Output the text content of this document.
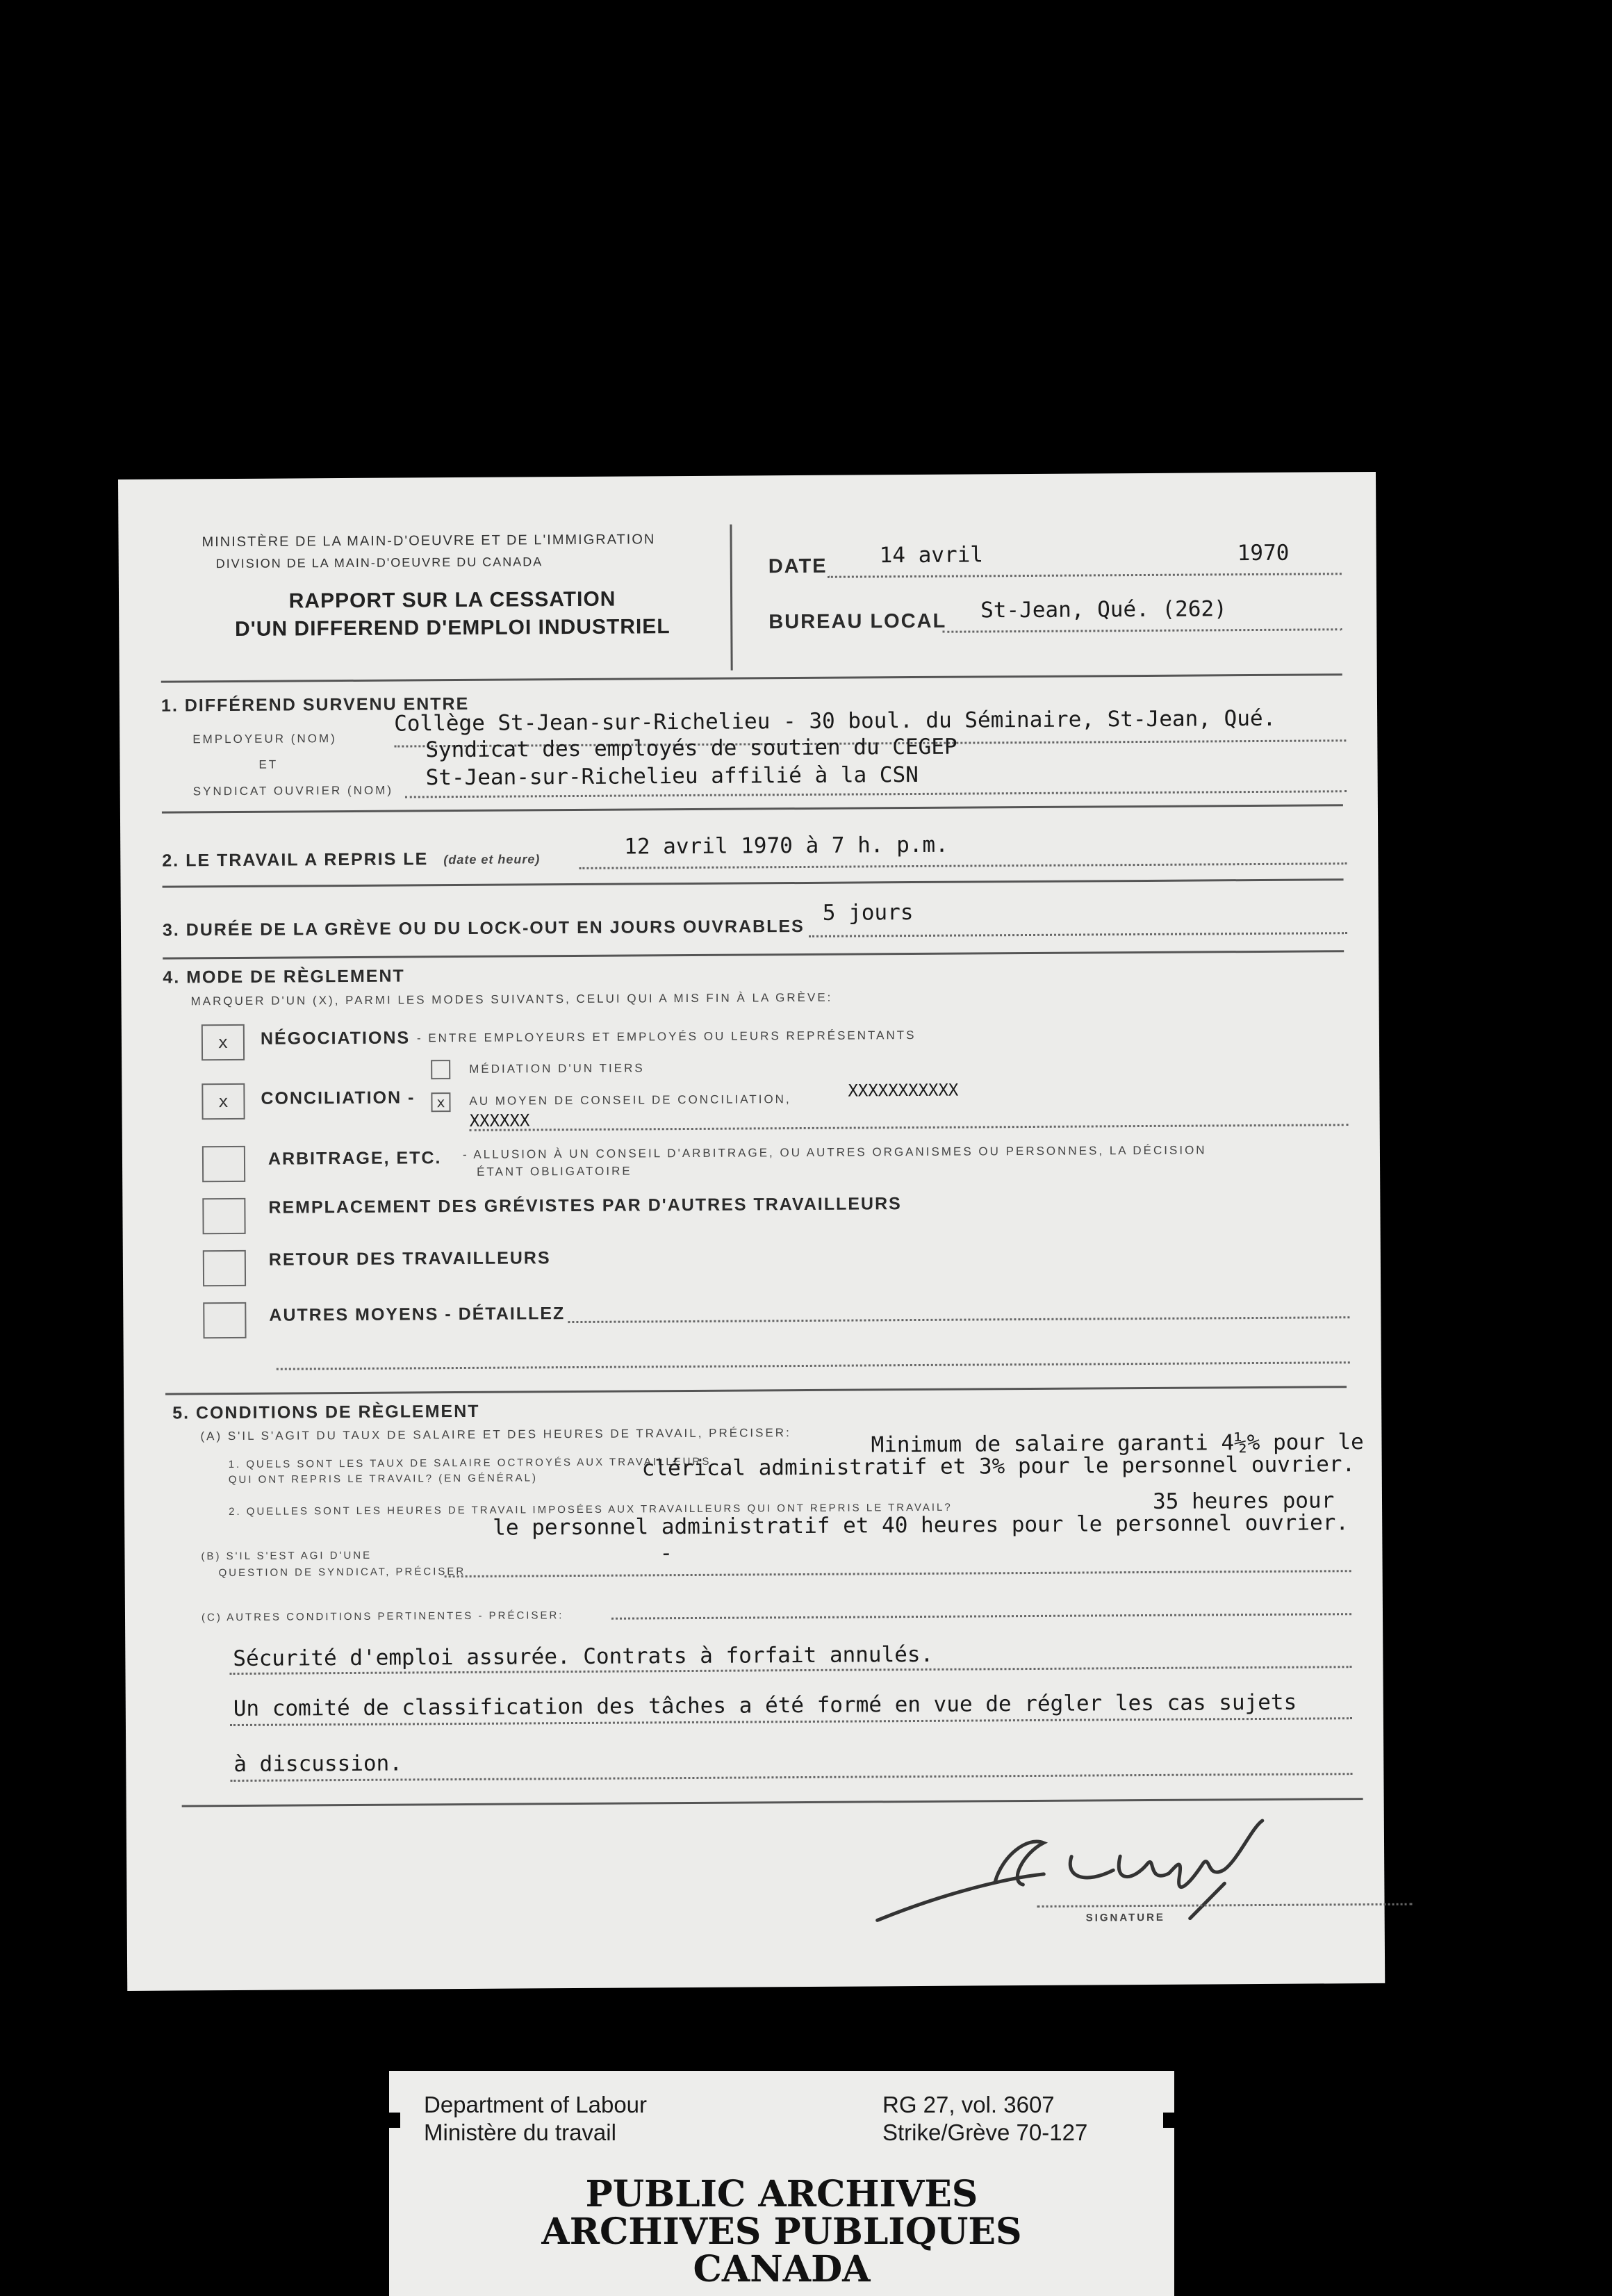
MINISTÈRE DE LA MAIN-D'OEUVRE ET DE L'IMMIGRATION
DIVISION DE LA MAIN-D'OEUVRE DU CANADA
RAPPORT SUR LA CESSATION
D'UN DIFFEREND D'EMPLOI INDUSTRIEL
DATE 14 avril	1970
BUREAU LOCAL St-Jean, Qué. (262)
1. DIFFÉREND SURVENU ENTRE
EMPLOYEUR (NOM)
Collège St-Jean-sur-Richelieu - 30 boul. du Séminaire, St-Jean, Qué.
ET
Syndicat des employés de soutien du CEGEP
SYNDICAT OUVRIER (NOM)
St-Jean-sur-Richelieu affilié à la CSN
2. LE TRAVAIL A REPRIS LE (date et heure)
12 avril 1970 à 7 h. p.m.
3. DURÉE DE LA GRÈVE OU DU LOCK-OUT EN JOURS OUVRABLES
5 jours
4. MODE DE RÈGLEMENT
MARQUER D'UN (X), PARMI LES MODES SUIVANTS, CELUI QUI A MIS FIN À LA GRÈVE:
x	NÉGOCIATIONS - ENTRE EMPLOYEURS ET EMPLOYÉS OU LEURS REPRÉSENTANTS
MÉDIATION D'UN TIERS
x	CONCILIATION -	x	AU MOYEN DE CONSEIL DE CONCILIATION,	XXXXXXXXXXX
XXXXXX
ARBITRAGE, ETC. - ALLUSION À UN CONSEIL D'ARBITRAGE, OU AUTRES ORGANISMES OU PERSONNES, LA DÉCISION
ÉTANT OBLIGATOIRE
REMPLACEMENT DES GRÉVISTES PAR D'AUTRES TRAVAILLEURS
RETOUR DES TRAVAILLEURS
AUTRES MOYENS - DÉTAILLEZ
5. CONDITIONS DE RÈGLEMENT
(A) S'IL S'AGIT DU TAUX DE SALAIRE ET DES HEURES DE TRAVAIL, PRÉCISER:
1. QUELS SONT LES TAUX DE SALAIRE OCTROYÉS AUX TRAVAILLEURS
QUI ONT REPRIS LE TRAVAIL? (EN GÉNÉRAL)
Minimum de salaire garanti 4½% pour le
clérical administratif et 3% pour le personnel ouvrier.
2. QUELLES SONT LES HEURES DE TRAVAIL IMPOSÉES AUX TRAVAILLEURS QUI ONT REPRIS LE TRAVAIL?	35 heures pour
le personnel administratif et 40 heures pour le personnel ouvrier.
(B) S'IL S'EST AGI D'UNE
QUESTION DE SYNDICAT, PRÉCISER
-
(C) AUTRES CONDITIONS PERTINENTES - PRÉCISER:
Sécurité d'emploi assurée. Contrats à forfait annulés.
Un comité de classification des tâches a été formé en vue de régler les cas sujets
à discussion.
SIGNATURE
Department of Labour
Ministère du travail
RG 27, vol. 3607
Strike/Grève 70-127
PUBLIC ARCHIVES
ARCHIVES PUBLIQUES
CANADA
